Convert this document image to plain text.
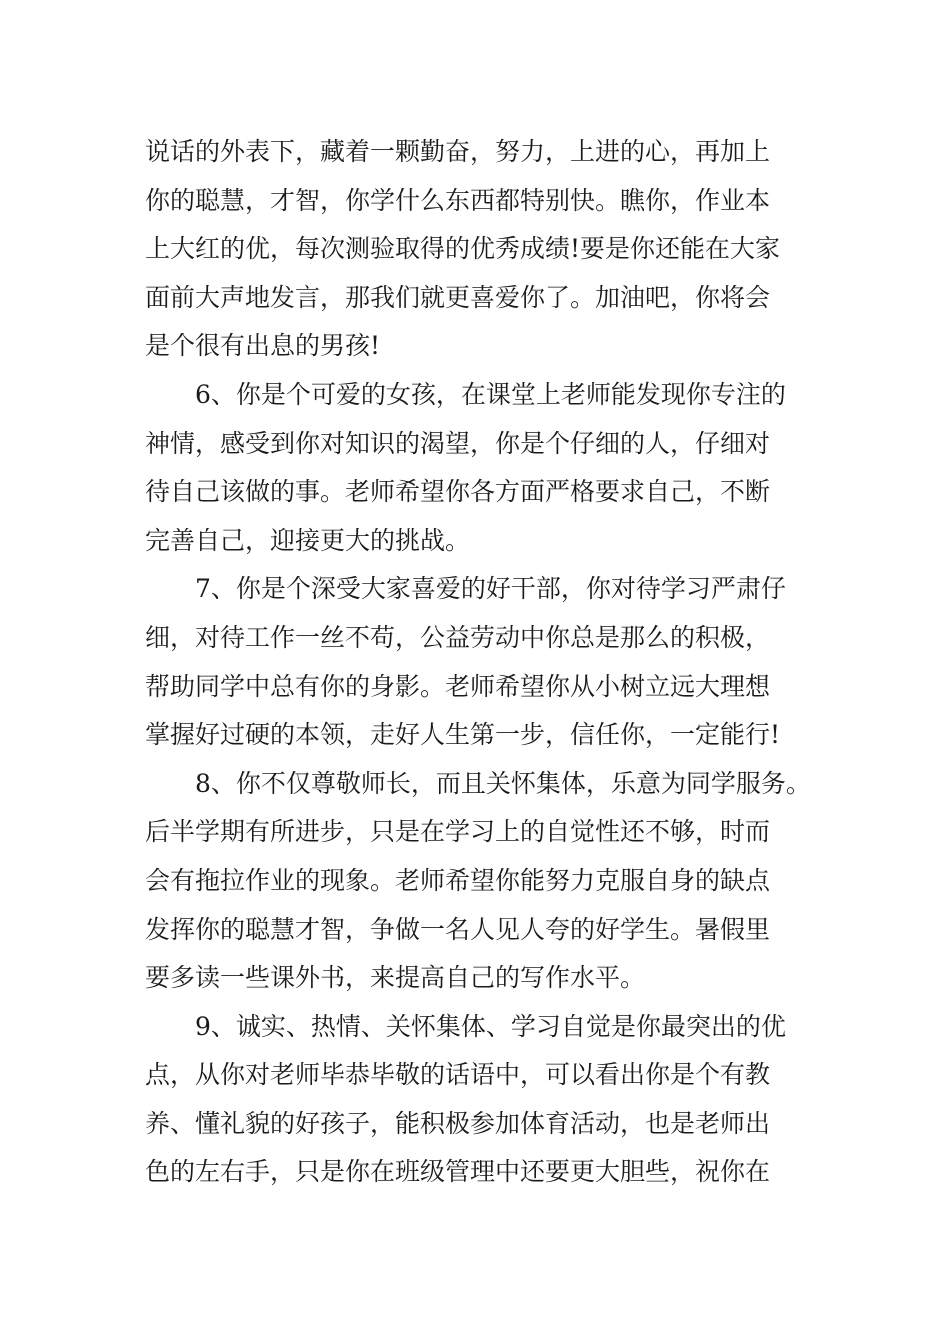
说话的外表下，藏着一颗勤奋，努力，上进的心，再加上
你的聪慧，才智，你学什么东西都特别快。瞧你，作业本
上大红的优，每次测验取得的优秀成绩!要是你还能在大家
面前大声地发言，那我们就更喜爱你了。加油吧，你将会
是个很有出息的男孩!
6、你是个可爱的女孩，在课堂上老师能发现你专注的
神情，感受到你对知识的渴望，你是个仔细的人，仔细对
待自己该做的事。老师希望你各方面严格要求自己，不断
完善自己，迎接更大的挑战。
7、你是个深受大家喜爱的好干部，你对待学习严肃仔
细，对待工作一丝不苟，公益劳动中你总是那么的积极，
帮助同学中总有你的身影。老师希望你从小树立远大理想
掌握好过硬的本领，走好人生第一步，信任你，一定能行!
8、你不仅尊敬师长，而且关怀集体，乐意为同学服务。
后半学期有所进步，只是在学习上的自觉性还不够，时而
会有拖拉作业的现象。老师希望你能努力克服自身的缺点
发挥你的聪慧才智，争做一名人见人夸的好学生。暑假里
要多读一些课外书，来提高自己的写作水平。
9、诚实、热情、关怀集体、学习自觉是你最突出的优
点，从你对老师毕恭毕敬的话语中，可以看出你是个有教
养、懂礼貌的好孩子，能积极参加体育活动，也是老师出
色的左右手，只是你在班级管理中还要更大胆些，祝你在
